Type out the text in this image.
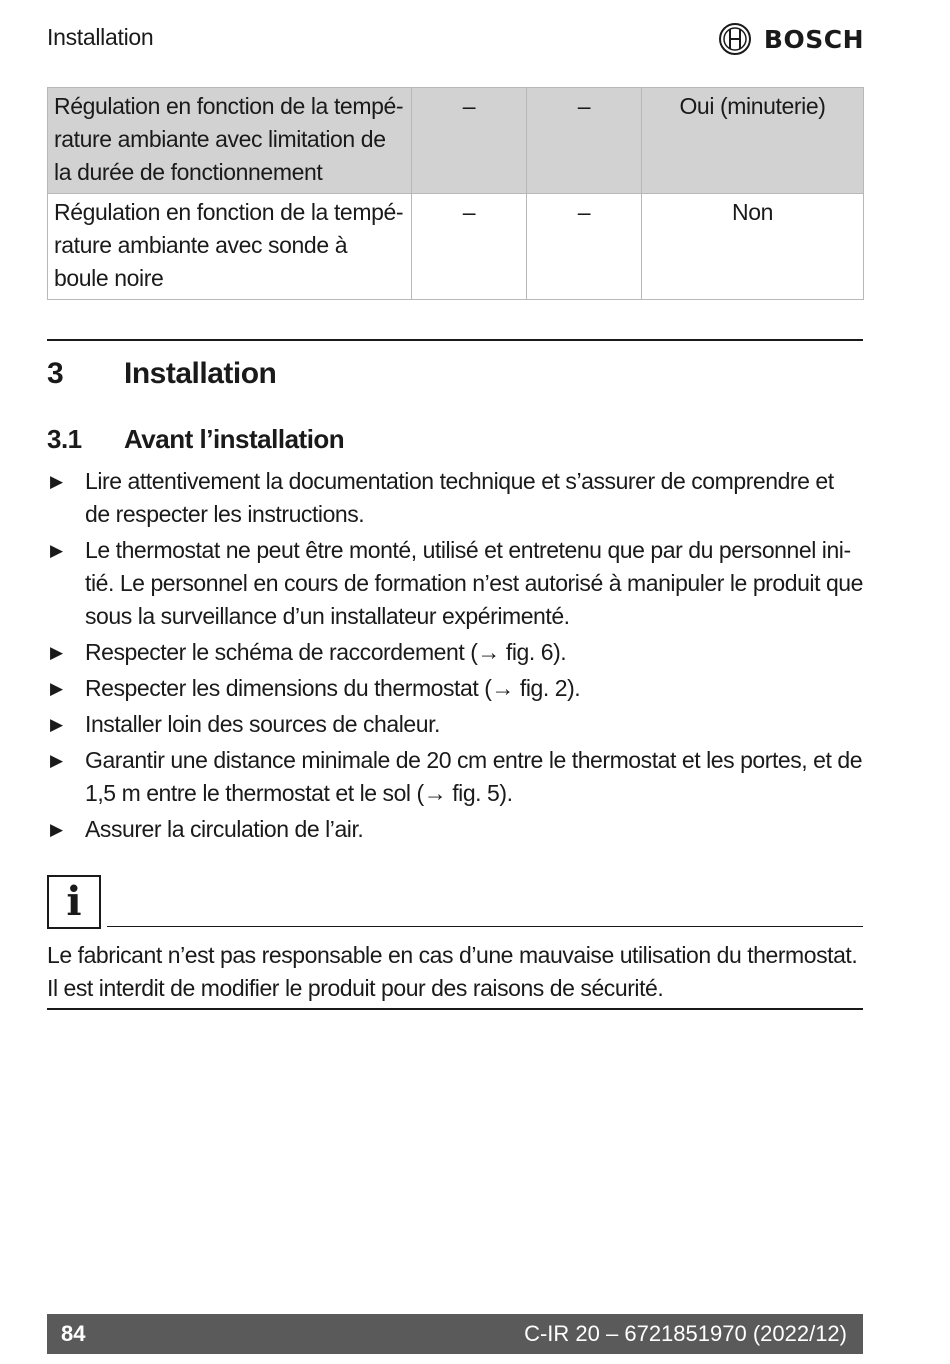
Installation	BOSCH
Régulation en fonction de la tempé-rature ambiante avec limitation de la durée de fonctionnement	–	–	Oui (minuterie)
Régulation en fonction de la tempé-rature ambiante avec sonde à boule noire	–	–	Non
3 Installation
3.1 Avant l’installation
▶ Lire attentivement la documentation technique et s’assurer de comprendre et de respecter les instructions.
▶ Le thermostat ne peut être monté, utilisé et entretenu que par du personnel ini-tié. Le personnel en cours de formation n’est autorisé à manipuler le produit que sous la surveillance d’un installateur expérimenté.
▶ Respecter le schéma de raccordement (→ fig. 6).
▶ Respecter les dimensions du thermostat (→ fig. 2).
▶ Installer loin des sources de chaleur.
▶ Garantir une distance minimale de 20 cm entre le thermostat et les portes, et de 1,5 m entre le thermostat et le sol (→ fig. 5).
▶ Assurer la circulation de l’air.
i

Le fabricant n’est pas responsable en cas d’une mauvaise utilisation du thermostat.

Il est interdit de modifier le produit pour des raisons de sécurité.

84	C-IR 20 – 6721851970 (2022/12)
